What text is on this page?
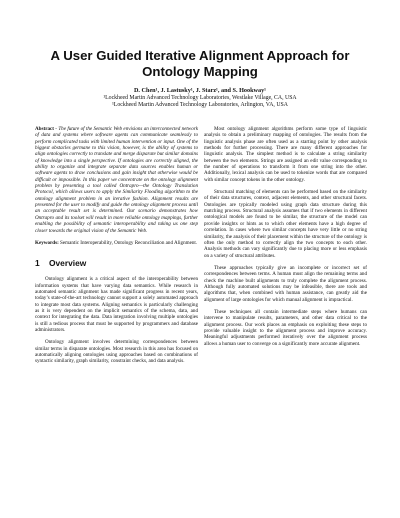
A User Guided Iterative Alignment Approach for Ontology Mapping
D. Chen¹, J. Lastusky¹, J. Starz¹, and S. Hookway¹
¹Lockheed Martin Advanced Technology Laboratories, Westlake Village, CA, USA
¹Lockheed Martin Advanced Technology Laboratories, Arlington, VA, USA

Abstract - The future of the Semantic Web envisions an interconnected network of data and systems where software agents can communicate seamlessly to perform complicated tasks with limited human intervention or input. One of the biggest obstacles germane to this vision, however, is the ability of systems to align ontologies correctly to translate and merge disparate but similar domains of knowledge into a single perspective. If ontologies are correctly aligned, the ability to organize and integrate separate data sources enables human or software agents to draw conclusions and gain insight that otherwise would be difficult or impossible. In this paper we concentrate on the ontology alignment problem by presenting a tool called Ontrapro—the Ontology Translation Protocol, which allows users to apply the Similarity Flooding algorithm to the ontology alignment problem in an iterative fashion. Alignment results are presented for the user to modify and guide the ontology alignment process until an acceptable result set is determined. Our scenario demonstrates how Ontrapro and its toolset will result in more reliable ontology mappings, further enabling the possibility of semantic interoperability and taking us one step closer towards the original vision of the Semantic Web.

Keywords: Semantic Interoperability, Ontology Reconciliation and Alignment.

1 Overview

Ontology alignment is a critical aspect of the interoperability between information systems that have varying data semantics. While research in automated semantic alignment has made significant progress in recent years, today’s state-of-the-art technology cannot support a solely automated approach to integrate most data systems. Aligning semantics is particularly challenging as it is very dependent on the implicit semantics of the schema, data, and context for integrating the data. Data integration involving multiple ontologies is still a tedious process that must be supported by programmers and database administrators.

Ontology alignment involves determining correspondences between similar terms in disparate ontologies. Most research in this area has focused on automatically aligning ontologies using approaches based on combinations of syntactic similarity, graph similarity, constraint checks, and data analysis.

Most ontology alignment algorithms perform some type of linguistic analysis to obtain a preliminary mapping of ontologies. The results from the linguistic analysis phase are often used as a starting point by other analysis methods for further processing. There are many different approaches for linguistic analysis. The simplest method is to calculate a string similarity between the two elements. Strings are assigned an edit value corresponding to the number of operations to transform it from one string into the other. Additionally, lexical analysis can be used to tokenize words that are compared with similar concept tokens in the other ontology.

Structural matching of elements can be performed based on the similarity of their data structures, context, adjacent elements, and other structural facets. Ontologies are typically modeled using graph data structure during this matching process. Structural analysis assumes that if two elements in different ontological models are found to be similar, the structure of the model can provide insights or hints as to which other elements have a high degree of correlation. In cases where two similar concepts have very little or no string similarity, the analysis of their placement within the structure of the ontology is often the only method to correctly align the two concepts to each other. Analysis methods can vary significantly due to placing more or less emphasis on a variety of structural attributes.

These approaches typically give an incomplete or incorrect set of correspondences between terms. A human must align the remaining terms and check the machine built alignments to truly complete the alignment process. Although fully automated solutions may be infeasible, there are tools and algorithms that, when combined with human assistance, can greatly aid the alignment of large ontologies for which manual alignment is impractical.

These techniques all contain intermediate steps where humans can intervene to manipulate results, parameters, and other data critical to the alignment process. Our work places an emphasis on exploiting these steps to provide valuable insight to the alignment process and improve accuracy. Meaningful adjustments performed iteratively over the alignment process allows a human user to converge on a significantly more accurate alignment.
